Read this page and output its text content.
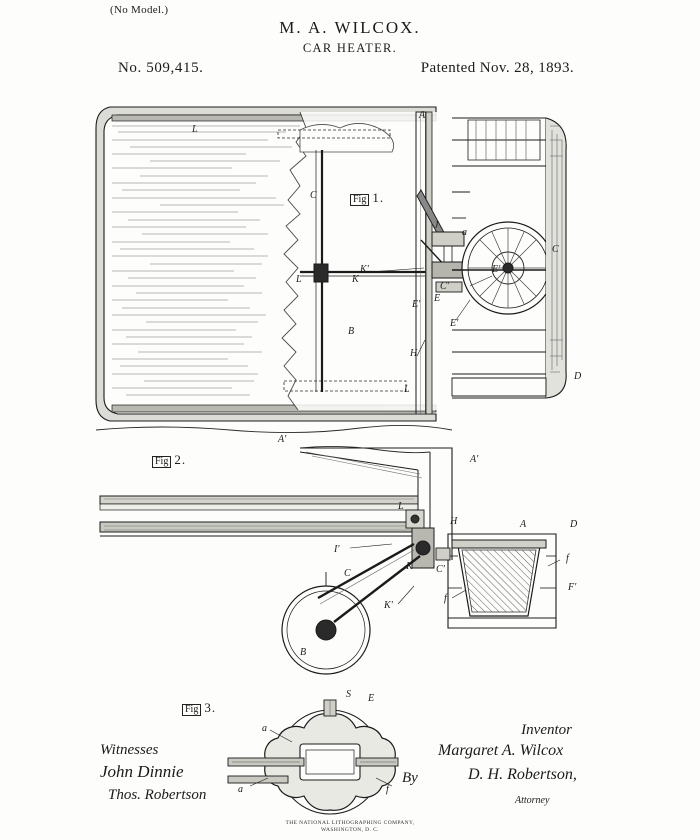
(No Model.)
M. A. WILCOX.
CAR HEATER.
No. 509,415.	Patented Nov. 28, 1893.
Fig 1.
Fig 2.
Fig 3.
L
C
J
a
A
C
E'
K'
K
L
C'
E
E'
E'
B
H
L
D
A'
A'
L
H	A	D
I'
f
C
K C'
F'
K'
f
B
S E
a
a	f
Witnesses
John Dinnie
Thos. Robertson
Inventor
Margaret A. Wilcox
By	D. H. Robertson,
Attorney
THE NATIONAL LITHOGRAPHING COMPANY,
WASHINGTON, D. C.
